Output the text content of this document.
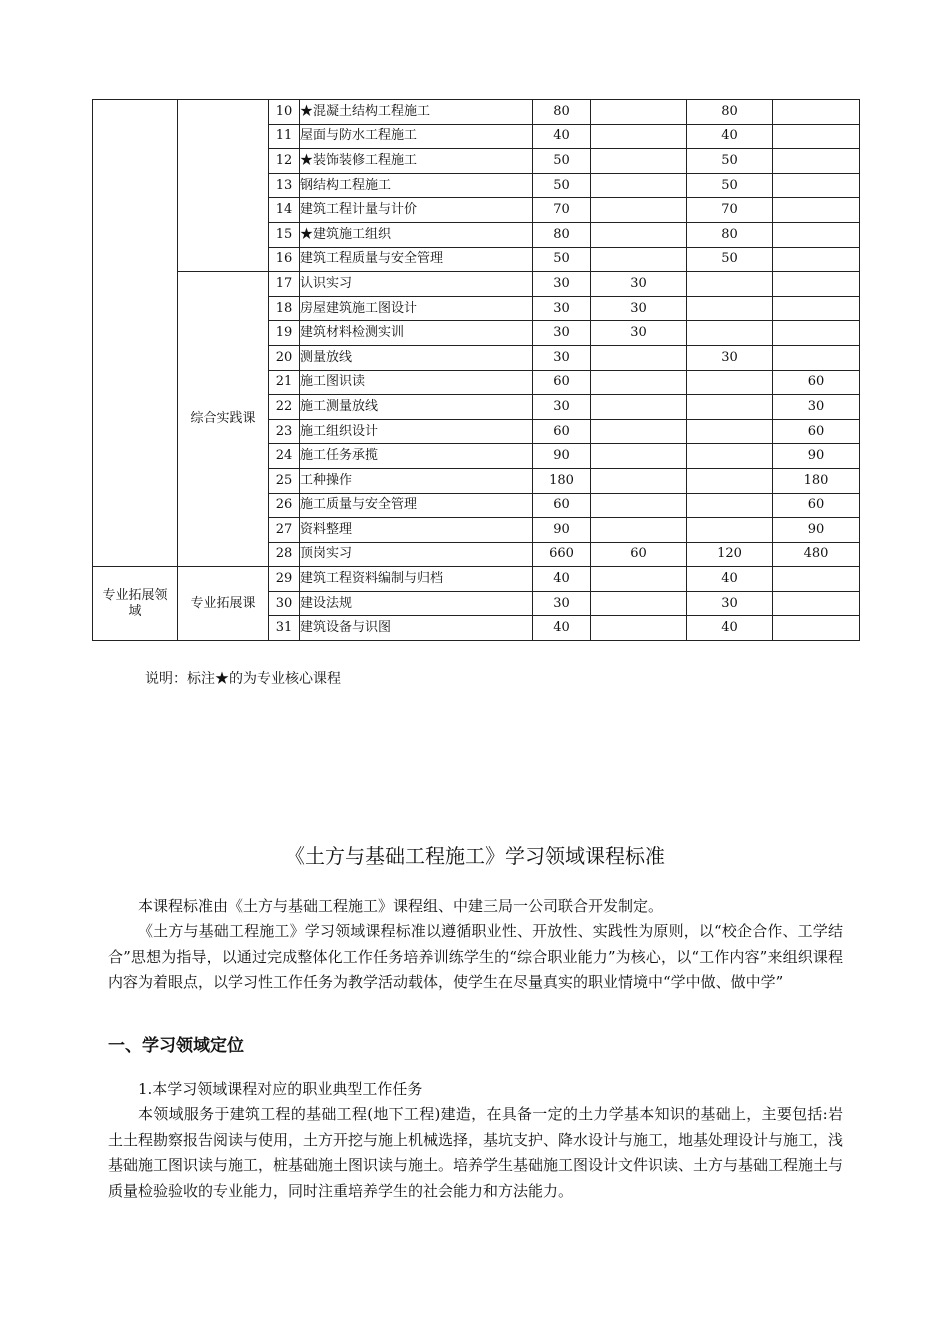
		10	★混凝土结构工程施工	80		80	
		11	屋面与防水工程施工	40		40	
		12	★装饰装修工程施工	50		50	
		13	钢结构工程施工	50		50	
		14	建筑工程计量与计价	70		70	
		15	★建筑施工组织	80		80	
		16	建筑工程质量与安全管理	50		50	
	综合实践课	17	认识实习	30	30		
		18	房屋建筑施工图设计	30	30		
		19	建筑材料检测实训	30	30		
		20	测量放线	30		30	
		21	施工图识读	60			60
		22	施工测量放线	30			30
		23	施工组织设计	60			60
		24	施工任务承揽	90			90
		25	工种操作	180			180
		26	施工质量与安全管理	60			60
		27	资料整理	90			90
		28	顶岗实习	660	60	120	480
专业拓展领域	专业拓展课	29	建筑工程资料编制与归档	40		40	
		30	建设法规	30		30	
		31	建筑设备与识图	40		40	
说明：标注★的为专业核心课程
《土方与基础工程施工》学习领域课程标准

本课程标准由《土方与基础工程施工》课程组、中建三局一公司联合开发制定。

《土方与基础工程施工》学习领域课程标准以遵循职业性、开放性、实践性为原则，以“校企合作、工学结合”思想为指导，以通过完成整体化工作任务培养训练学生的“综合职业能力”为核心，以“工作内容”来组织课程内容为着眼点，以学习性工作任务为教学活动载体，使学生在尽量真实的职业情境中“学中做、做中学”

一、学习领域定位

1.本学习领域课程对应的职业典型工作任务

本领域服务于建筑工程的基础工程(地下工程)建造，在具备一定的土力学基本知识的基础上，主要包括:岩土土程勘察报告阅读与使用，土方开挖与施上机械选择，基坑支护、降水设计与施工，地基处理设计与施工，浅基础施工图识读与施工，桩基础施土图识读与施土。培养学生基础施工图设计文件识读、土方与基础工程施土与质量检验验收的专业能力，同时注重培养学生的社会能力和方法能力。
